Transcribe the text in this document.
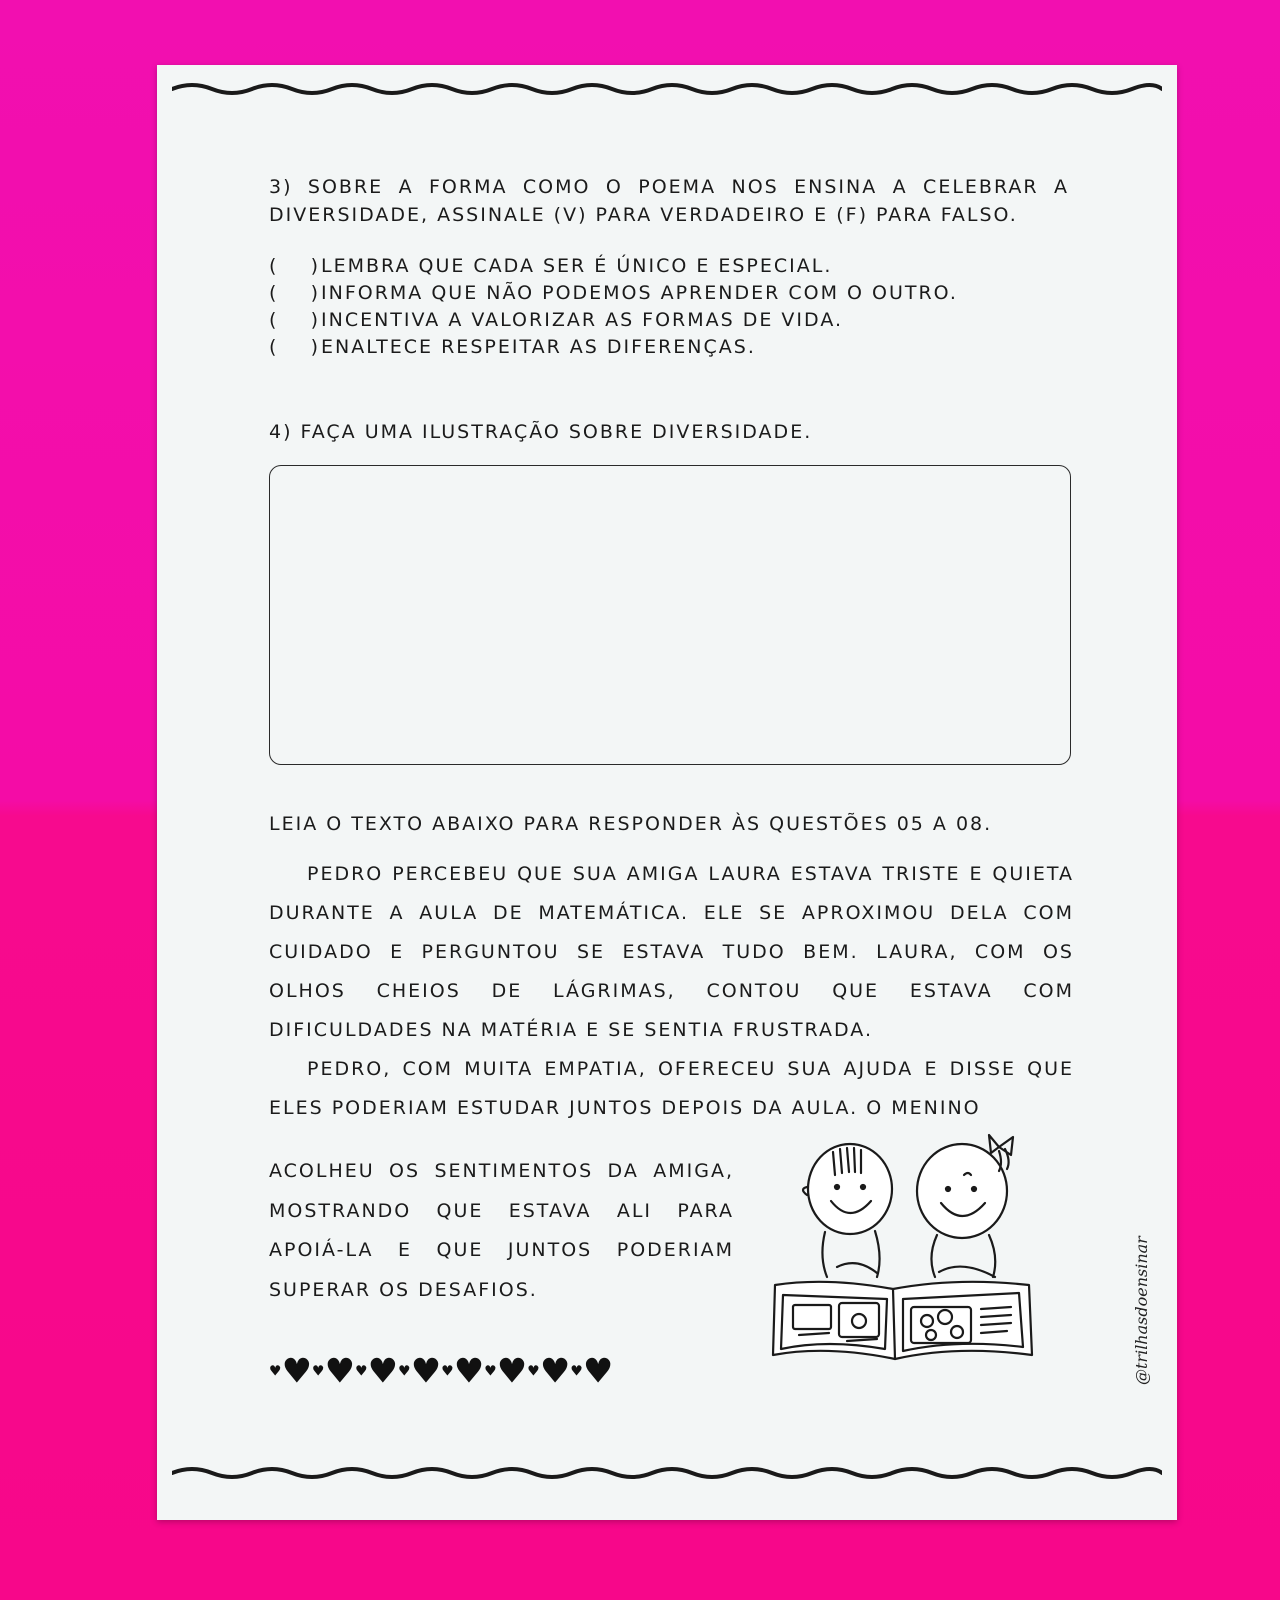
3) SOBRE A FORMA COMO O POEMA NOS ENSINA A CELEBRAR A DIVERSIDADE, ASSINALE (V) PARA VERDADEIRO E (F) PARA FALSO.
( ) LEMBRA QUE CADA SER É ÚNICO E ESPECIAL.
( ) INFORMA QUE NÃO PODEMOS APRENDER COM O OUTRO.
( ) INCENTIVA A VALORIZAR AS FORMAS DE VIDA.
( ) ENALTECE RESPEITAR AS DIFERENÇAS.
4) FAÇA UMA ILUSTRAÇÃO SOBRE DIVERSIDADE.
LEIA O TEXTO ABAIXO PARA RESPONDER ÀS QUESTÕES 05 A 08.

PEDRO PERCEBEU QUE SUA AMIGA LAURA ESTAVA TRISTE E QUIETA DURANTE A AULA DE MATEMÁTICA. ELE SE APROXIMOU DELA COM CUIDADO E PERGUNTOU SE ESTAVA TUDO BEM. LAURA, COM OS OLHOS CHEIOS DE LÁGRIMAS, CONTOU QUE ESTAVA COM DIFICULDADES NA MATÉRIA E SE SENTIA FRUSTRADA.

PEDRO, COM MUITA EMPATIA, OFERECEU SUA AJUDA E DISSE QUE ELES PODERIAM ESTUDAR JUNTOS DEPOIS DA AULA. O MENINO

ACOLHEU OS SENTIMENTOS DA AMIGA, MOSTRANDO QUE ESTAVA ALI PARA APOIÁ-LA E QUE JUNTOS PODERIAM SUPERAR OS DESAFIOS.
♥♥♥♥♥♥♥♥♥♥♥♥♥♥♥♥	@trilhasdoensinar
